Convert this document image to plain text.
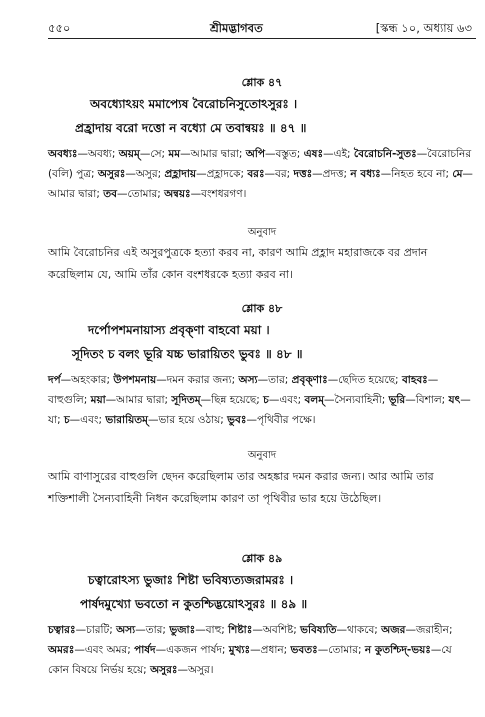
৫৫০	শ্রীমদ্ভাগবত	[স্কন্ধ ১০, অধ্যায় ৬৩
শ্লোক ৪৭
অবধ্যোঽয়ং মমাপ্যেষ বৈরোচনিসুতোঽসুরঃ ।
প্রহ্রাদায় বরো দত্তো ন বধ্যো মে তবান্বয়ঃ ॥ ৪৭ ॥

অবধ্যঃ—অবধ্য; অয়ম্—সে; মম—আমার দ্বারা; অপি—বস্তুত; এষঃ—এই; বৈরোচনি-সুতঃ—বৈরোচনির (বলি) পুত্র; অসুরঃ—অসুর; প্রহ্লাদায়—প্রহ্লাদকে; বরঃ—বর; দত্তঃ—প্রদত্ত; ন বধ্যঃ—নিহত হবে না; মে—আমার দ্বারা; তব—তোমার; অন্বয়ঃ—বংশধরগণ।

অনুবাদ

আমি বৈরোচনির এই অসুরপুত্রকে হত্যা করব না, কারণ আমি প্রহ্লাদ মহারাজকে বর প্রদান করেছিলাম যে, আমি তাঁর কোন বংশধরকে হত্যা করব না।

শ্লোক ৪৮
দর্পোপশমনায়াস্য প্রবৃক্ণা বাহবো ময়া ।
সূদিতং চ বলং ভূরি যচ্চ ভারায়িতং ভুবঃ ॥ ৪৮ ॥

দর্প—অহংকার; উপশমনায়—দমন করার জন্য; অস্য—তার; প্রবৃক্ণাঃ—ছেদিত হয়েছে; বাহবঃ—বাহুগুলি; ময়া—আমার দ্বারা; সূদিতম্—ছিন্ন হয়েছে; চ—এবং; বলম্—সৈন্যবাহিনী; ভূরি—বিশাল; যৎ—যা; চ—এবং; ভারায়িতম্—ভার হয়ে ওঠায়; ভুবঃ—পৃথিবীর পক্ষে।

অনুবাদ

আমি বাণাসুরের বাহুগুলি ছেদন করেছিলাম তার অহঙ্কার দমন করার জন্য। আর আমি তার শক্তিশালী সৈন্যবাহিনী নিধন করেছিলাম কারণ তা পৃথিবীর ভার হয়ে উঠেছিল।

শ্লোক ৪৯
চত্বারোঽস্য ভুজাঃ শিষ্টা ভবিষ্যত্যজরামরঃ ।
পার্ষদমুখ্যো ভবতো ন কুতশ্চিদ্ভয়োঽসুরঃ ॥ ৪৯ ॥

চত্বারঃ—চারটি; অস্য—তার; ভুজাঃ—বাহু; শিষ্টাঃ—অবশিষ্ট; ভবিষ্যতি—থাকবে; অজর—জরাহীন; অমরঃ—এবং অমর; পার্ষদ—একজন পার্ষদ; মুখ্যঃ—প্রধান; ভবতঃ—তোমার; ন কুতশ্চিদ্-ভয়ঃ—যে কোন বিষয়ে নির্ভয় হয়ে; অসুরঃ—অসুর।
